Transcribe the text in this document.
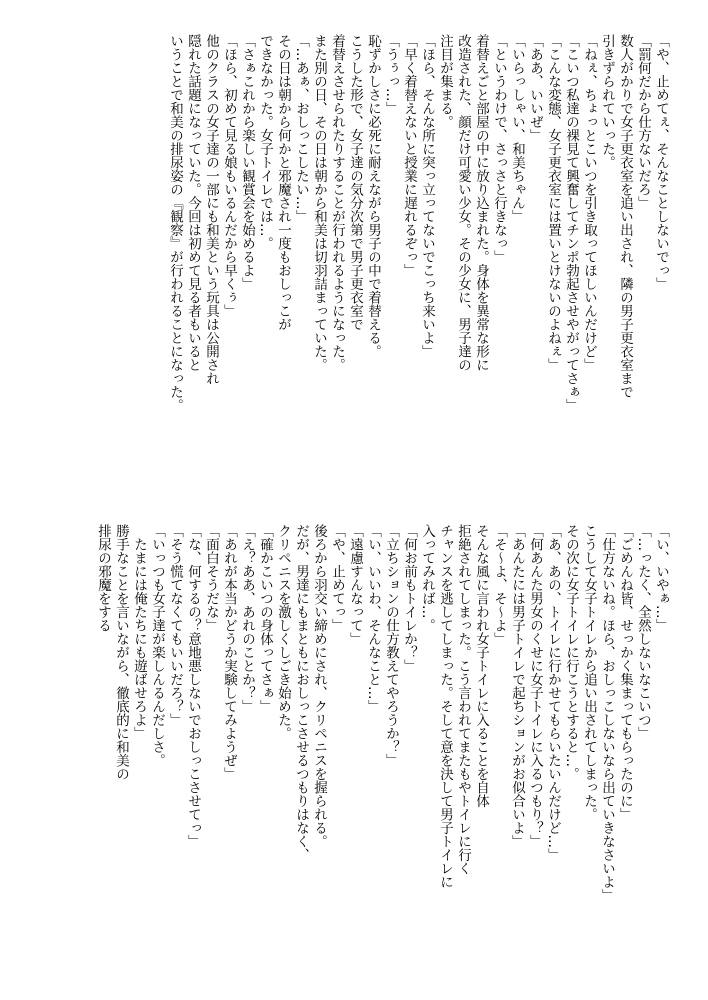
「や、止めてぇ、そんなことしないでっ」
「罰何だから仕方ないだろ」
数人がかりで女子更衣室を追い出され、隣の男子更衣室まで
引きずられていった。
「ねぇ、ちょっとこいつを引き取ってほしいんだけど」
「こいつ私達の裸見て興奮してチンポ勃起させやがってさぁ」
「こんな変態、女子更衣室には置いとけないのよねぇ」
「ああ、いいぜ」
「いらっしゃい、和美ちゃん」
「というわけで、さっさと行きなっ」
着替えごと部屋の中に放り込まれた。身体を異常な形に
改造された、顔だけ可愛い少女。その少女に、男子達の
注目が集まる。
「ほら、そんな所に突っ立ってないでこっち来いよ」
「早く着替えないと授業に遅れるぞっ」
「うぅっ…」
恥ずかしさに必死に耐えながら男子の中で着替える。
こうした形で、女子達の気分次第で男子更衣室で
着替えさせられたりすることが行われるようになった。
また別の日、その日は朝から和美は切羽詰まっていた。
「…あぁ、おしっこしたい…」
その日は朝から何かと邪魔され一度もおしっこが
できなかった。女子トイレでは…。
「さぁこれから楽しい観賞会を始めるよ」
「ほら、初めて見る娘もいるんだから早くぅ」
他のクラスの女子達の一部にも和美という玩具は公開され
隠れた話題になっていた。今回は初めて見る者もいると
いうことで和美の排尿姿の『観察』が行われることになった。
「い、いやぁ…」
「…ったく、全然しないなこいつ」
「ごめんね皆、せっかく集まってもらったのに」
「仕方ないね。ほら、おしっこしないなら出ていきなさいよ」
こうして女子トイレから追い出されてしまった。
その次に女子トイレに行こうとすると…。
「あ、あの、トイレに行かせてもらいたいんだけど…」
「何あんた男女のくせに女子トイレに入るつもり？」
「あんたには男子トイレで起ちションがお似合いよ」
「そ～よ、そ～よ」
そんな風に言われ女子トイレに入ることを自体
拒絶されてしまった。こう言われてまたもやトイレに行く
チャンスを逃してしまった。そして意を決して男子トイレに
入ってみれば…。
「何お前もトイレか？」
「立ちションの仕方教えてやろうか？」
「い、いいわ、そんなこと…」
「遠慮すんなって」
「や、止めてっ」
後ろから羽交い締めにされ、クリペニスを握られる。
だが、男達にもまともにおしっこさせるつもりはなく、
クリペニスを激しくしごき始めた。
「確かこいつの身体ってさぁ」
「え？ああ、あれのことか？」
「あれが本当かどうか実験してみようぜ」
「面白そうだな」
「な、何するの？意地悪しないでおしっこさせてっ」
「そう慌てなくてもいいだろ？」
「いっつも女子達が楽しんるんだしさ。
　たまには俺たちにも遊ばせろよ」
勝手なことを言いながら、徹底的に和美の
排尿の邪魔をする
